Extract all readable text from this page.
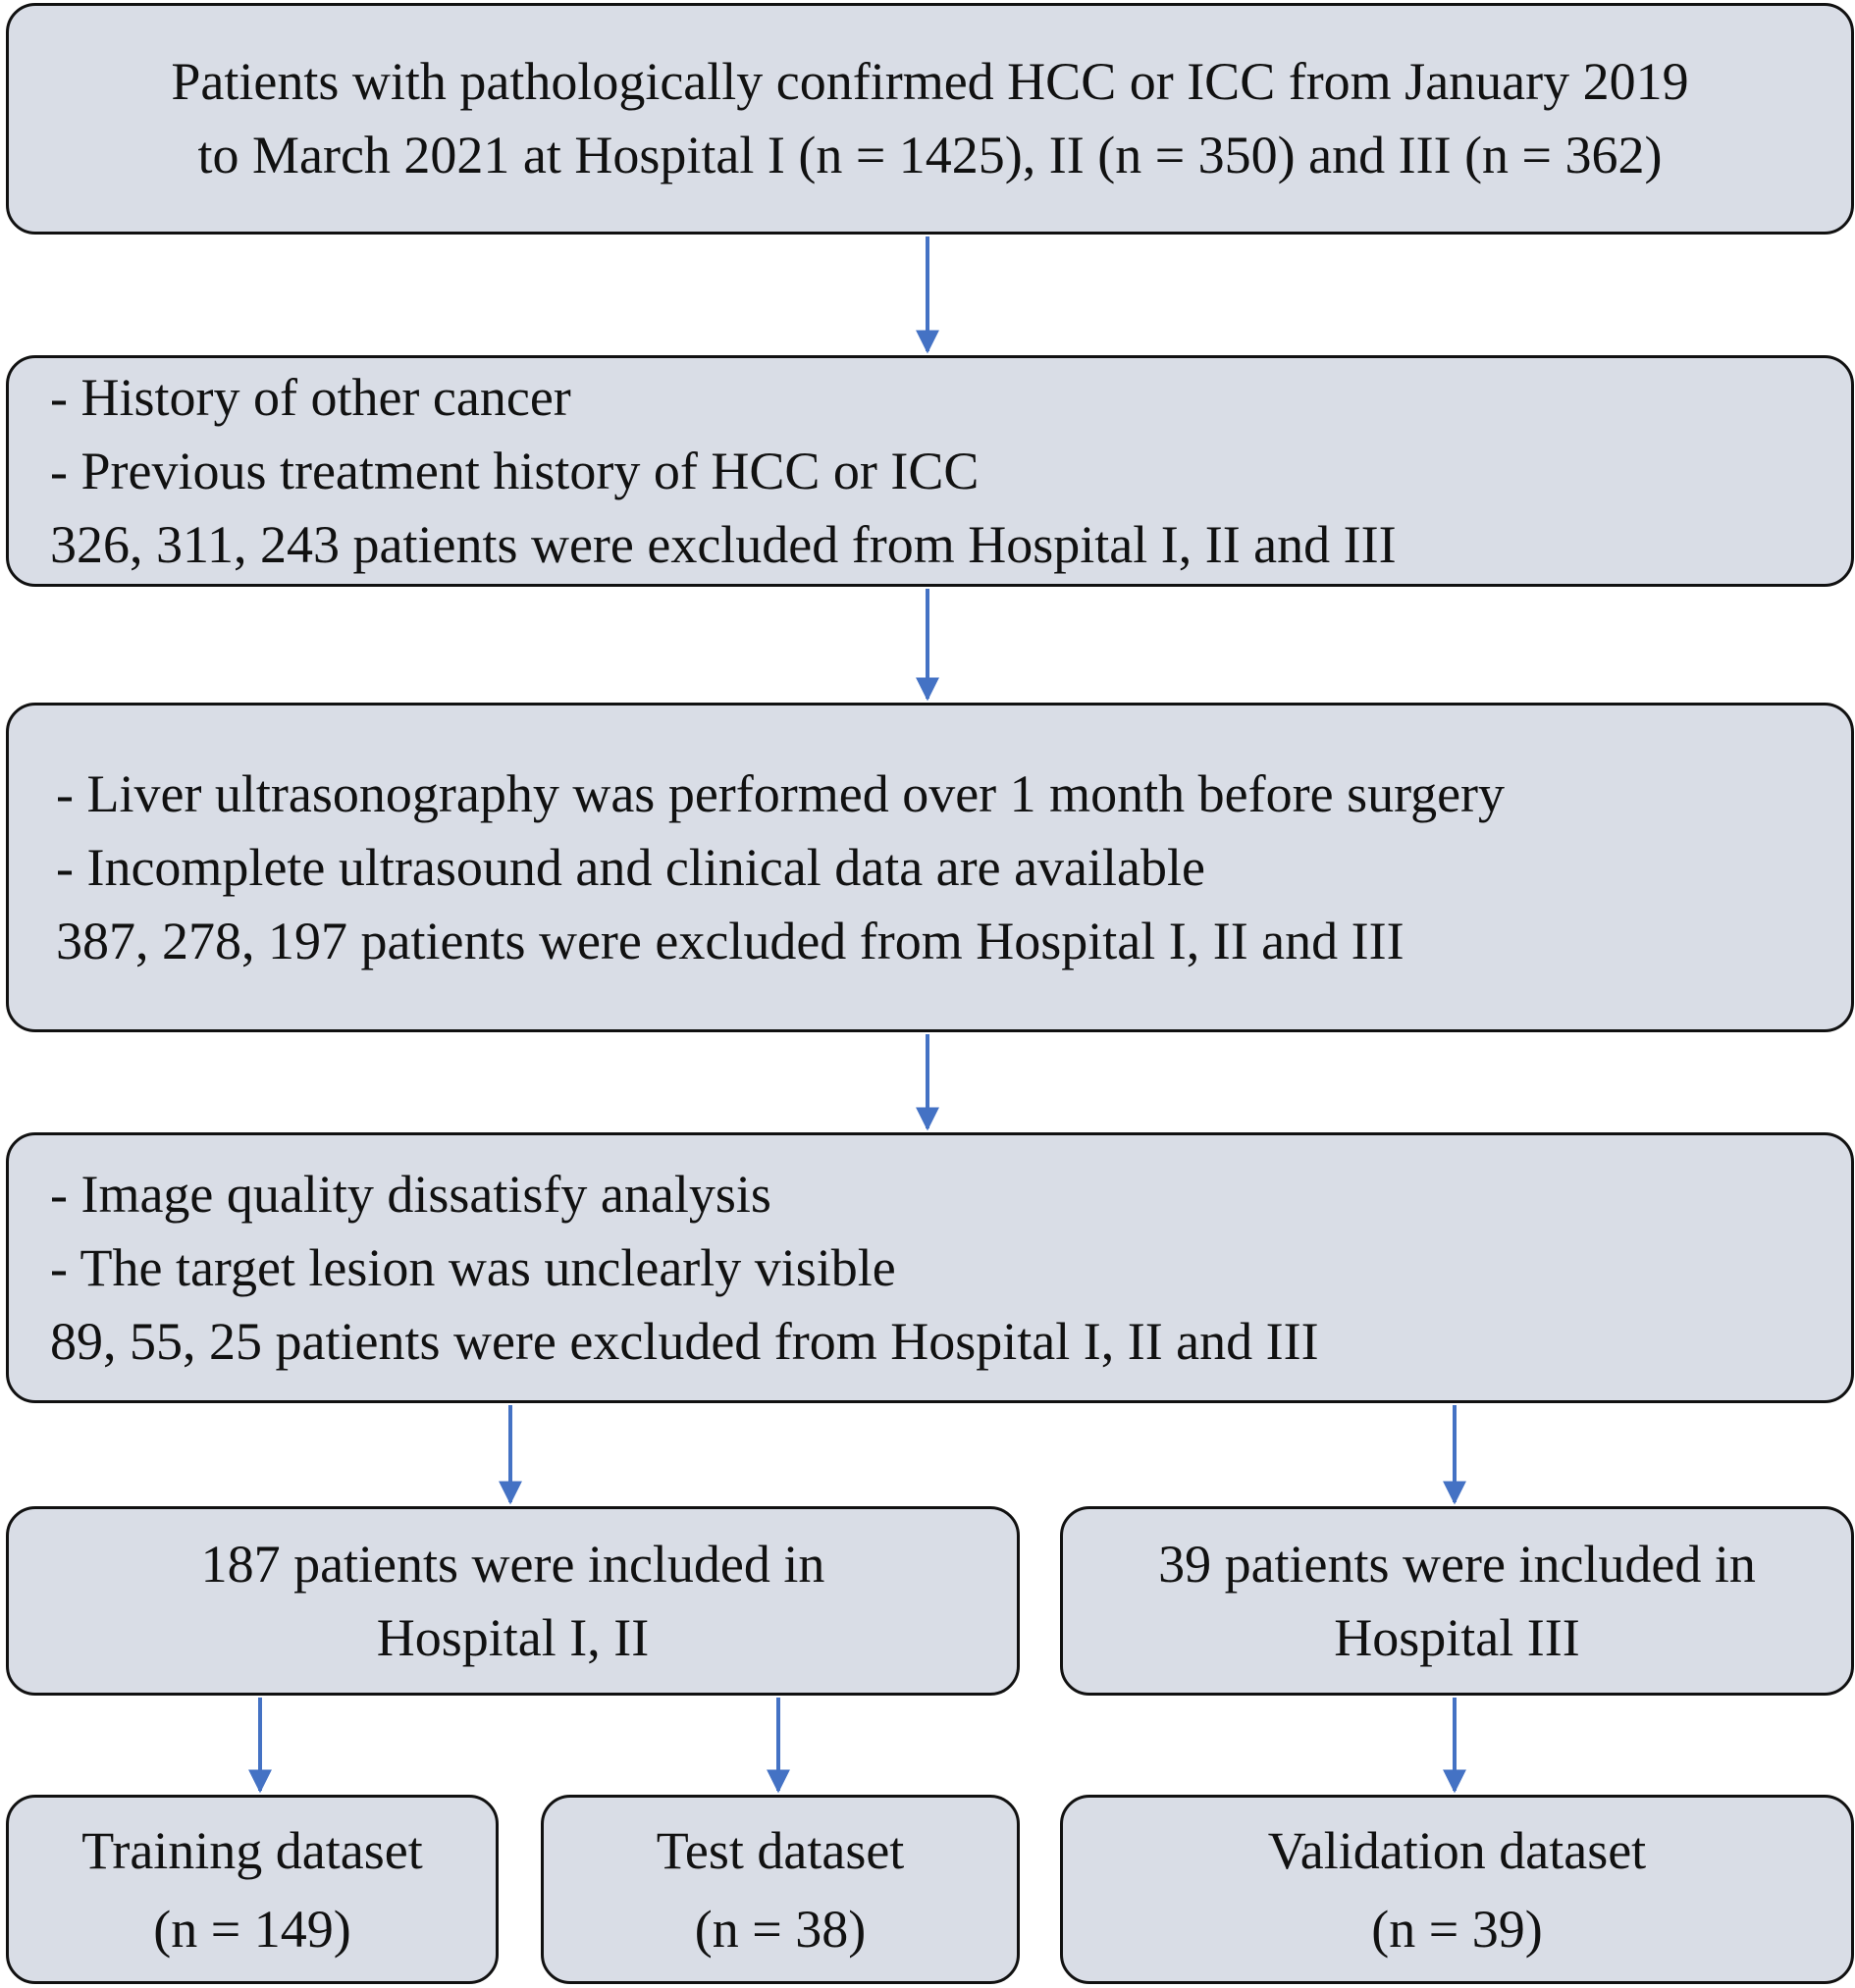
Patients with pathologically confirmed HCC or ICC from January 2019
to March 2021 at Hospital I (n = 1425), II (n = 350) and III (n = 362)
- History of other cancer
- Previous treatment history of HCC or ICC
326, 311, 243 patients were excluded from Hospital I, II and III
- Liver ultrasonography was performed over 1 month before surgery
- Incomplete ultrasound and clinical data are available
387, 278, 197 patients were excluded from Hospital I, II and III
- Image quality dissatisfy analysis
- The target lesion was unclearly visible
89, 55, 25 patients were excluded from Hospital I, II and III
187 patients were included in
Hospital I, II
39 patients were included in
Hospital III
Training dataset
(n = 149)
Test dataset
(n = 38)
Validation dataset
(n = 39)
